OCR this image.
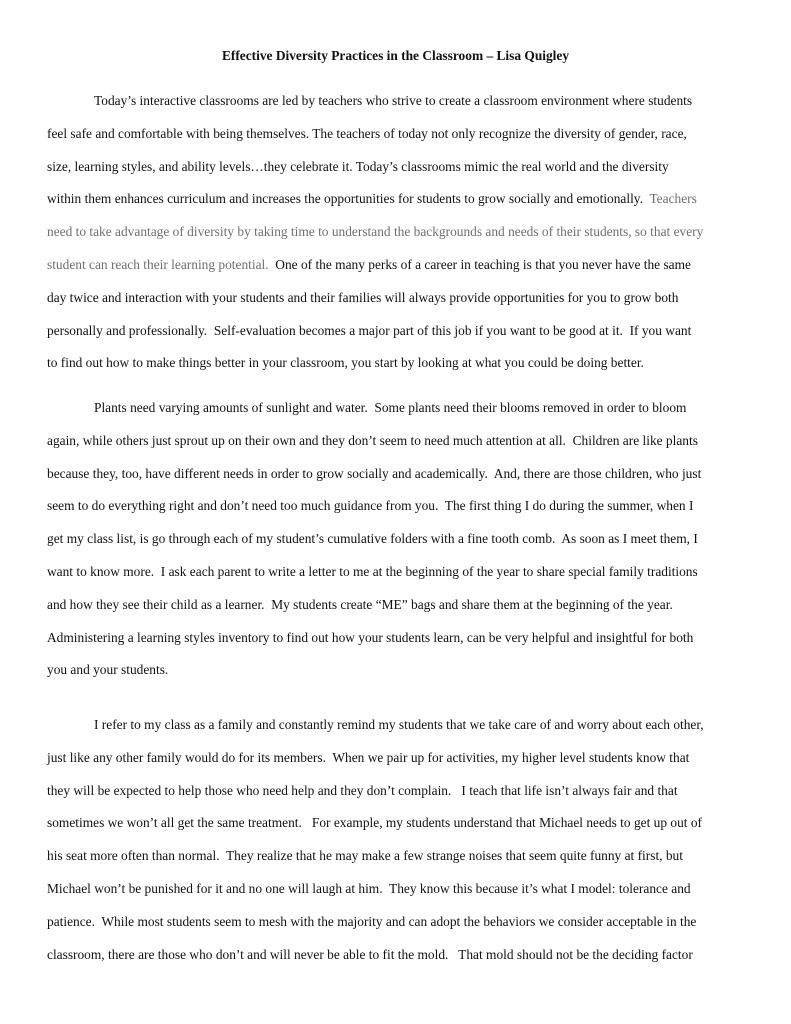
Effective Diversity Practices in the Classroom – Lisa Quigley

Today’s interactive classrooms are led by teachers who strive to create a classroom environment where students
feel safe and comfortable with being themselves. The teachers of today not only recognize the diversity of gender, race,
size, learning styles, and ability levels…they celebrate it. Today’s classrooms mimic the real world and the diversity
within them enhances curriculum and increases the opportunities for students to grow socially and emotionally.  Teachers
need to take advantage of diversity by taking time to understand the backgrounds and needs of their students, so that every
student can reach their learning potential.  One of the many perks of a career in teaching is that you never have the same
day twice and interaction with your students and their families will always provide opportunities for you to grow both
personally and professionally.  Self-evaluation becomes a major part of this job if you want to be good at it.  If you want
to find out how to make things better in your classroom, you start by looking at what you could be doing better.

Plants need varying amounts of sunlight and water.  Some plants need their blooms removed in order to bloom
again, while others just sprout up on their own and they don’t seem to need much attention at all.  Children are like plants
because they, too, have different needs in order to grow socially and academically.  And, there are those children, who just
seem to do everything right and don’t need too much guidance from you.  The first thing I do during the summer, when I
get my class list, is go through each of my student’s cumulative folders with a fine tooth comb.  As soon as I meet them, I
want to know more.  I ask each parent to write a letter to me at the beginning of the year to share special family traditions
and how they see their child as a learner.  My students create “ME” bags and share them at the beginning of the year.
Administering a learning styles inventory to find out how your students learn, can be very helpful and insightful for both
you and your students.

I refer to my class as a family and constantly remind my students that we take care of and worry about each other,
just like any other family would do for its members.  When we pair up for activities, my higher level students know that
they will be expected to help those who need help and they don’t complain.   I teach that life isn’t always fair and that
sometimes we won’t all get the same treatment.   For example, my students understand that Michael needs to get up out of
his seat more often than normal.  They realize that he may make a few strange noises that seem quite funny at first, but
Michael won’t be punished for it and no one will laugh at him.  They know this because it’s what I model: tolerance and
patience.  While most students seem to mesh with the majority and can adopt the behaviors we consider acceptable in the
classroom, there are those who don’t and will never be able to fit the mold.   That mold should not be the deciding factor
